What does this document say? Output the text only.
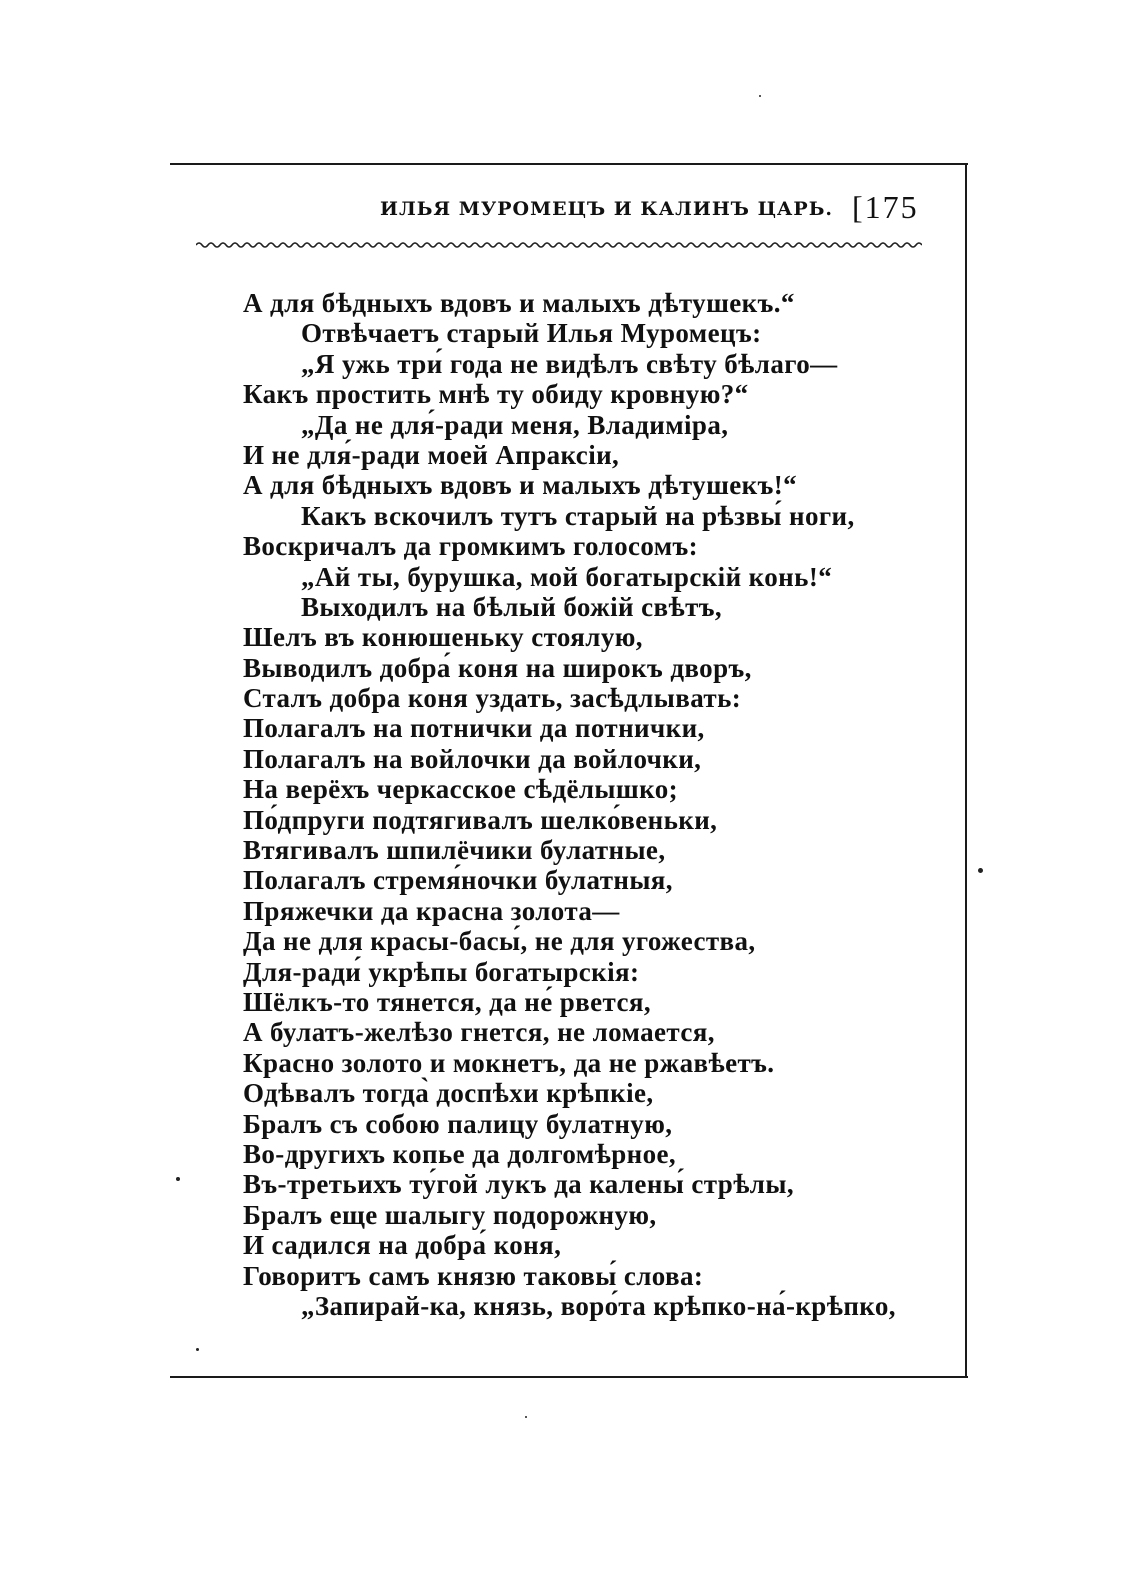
ИЛЬЯ МУРОМЕЦЪ И КАЛИНЪ ЦАРЬ. [175
А для бѣдныхъ вдовъ и малыхъ дѣтушекъ.“
Отвѣчаетъ старый Илья Муромецъ:
„Я ужь три́ года не видѣлъ свѣту бѣлаго—
Какъ простить мнѣ ту обиду кровную?“
„Да не для́-ради меня, Владиміра,
И не для́-ради моей Апраксіи,
А для бѣдныхъ вдовъ и малыхъ дѣтушекъ!“
Какъ вскочилъ тутъ старый на рѣзвы́ ноги,
Воскричалъ да громкимъ голосомъ:
„Ай ты, бурушка, мой богатырскій конь!“
Выходилъ на бѣлый божій свѣтъ,
Шелъ въ конюшеньку стоялую,
Выводилъ добра́ коня на широкъ дворъ,
Сталъ добра коня уздать, засѣдлывать:
Полагалъ на потнички да потнички,
Полагалъ на войлочки да войлочки,
На верёхъ черкасское сѣдёлышко;
По́дпруги подтягивалъ шелко́веньки,
Втягивалъ шпилёчики булатные,
Полагалъ стремя́ночки булатныя,
Пряжечки да красна золота—
Да не для красы-басы́, не для угожества,
Для-ради́ укрѣпы богатырскія:
Шёлкъ-то тянется, да не́ рвется,
А булатъ-желѣзо гнется, не ломается,
Красно золото и мокнетъ, да не ржавѣетъ.
Одѣвалъ тогда̀ доспѣхи крѣпкіе,
Бралъ съ собою палицу булатную,
Во-другихъ копье да долгомѣрное,
Въ-третьихъ ту́гой лукъ да калены́ стрѣлы,
Бралъ еще шалыгу подорожную,
И садился на добра́ коня,
Говоритъ самъ князю таковы́ слова:
„Запирай-ка, князь, воро́та крѣпко-на́-крѣпко,
